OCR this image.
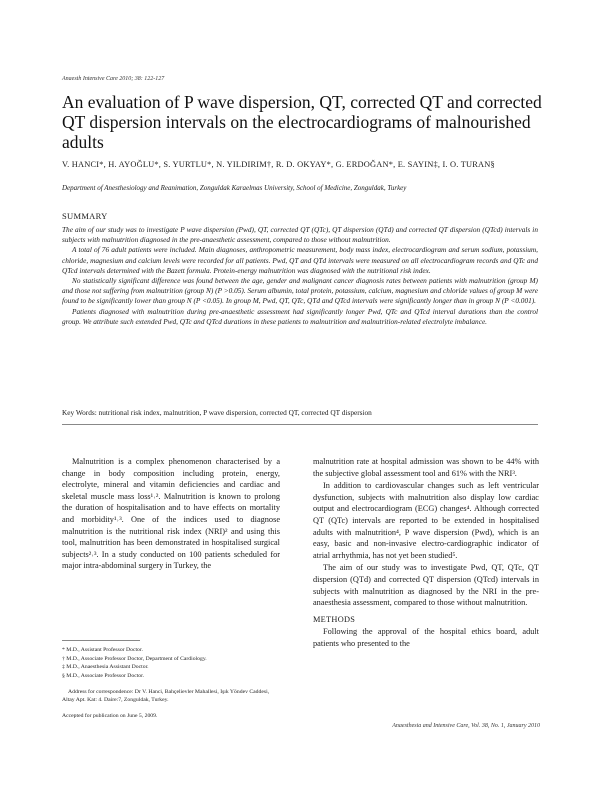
Anaesth Intensive Care 2010; 38: 122-127
An evaluation of P wave dispersion, QT, corrected QT and corrected QT dispersion intervals on the electrocardiograms of malnourished adults
V. HANCI*, H. AYOĞLU*, S. YURTLU*, N. YILDIRIM†, R. D. OKYAY*, G. ERDOĞAN*, E. SAYIN‡, I. O. TURAN§
Department of Anesthesiology and Reanimation, Zonguldak Karaelmas University, School of Medicine, Zonguldak, Turkey
SUMMARY

The aim of our study was to investigate P wave dispersion (Pwd), QT, corrected QT (QTc), QT dispersion (QTd) and corrected QT dispersion (QTcd) intervals in subjects with malnutrition diagnosed in the pre-anaesthetic assessment, compared to those without malnutrition.

A total of 76 adult patients were included. Main diagnoses, anthropometric measurement, body mass index, electrocardiogram and serum sodium, potassium, chloride, magnesium and calcium levels were recorded for all patients. Pwd, QT and QTd intervals were measured on all electrocardiogram records and QTc and QTcd intervals determined with the Bazett formula. Protein-energy malnutrition was diagnosed with the nutritional risk index.

No statistically significant difference was found between the age, gender and malignant cancer diagnosis rates between patients with malnutrition (group M) and those not suffering from malnutrition (group N) (P >0.05). Serum albumin, total protein, potassium, calcium, magnesium and chloride values of group M were found to be significantly lower than group N (P <0.05). In group M, Pwd, QT, QTc, QTd and QTcd intervals were significantly longer than in group N (P <0.001).

Patients diagnosed with malnutrition during pre-anaesthetic assessment had significantly longer Pwd, QTc and QTcd interval durations than the control group. We attribute such extended Pwd, QTc and QTcd durations in these patients to malnutrition and malnutrition-related electrolyte imbalance.

Key Words: nutritional risk index, malnutrition, P wave dispersion, corrected QT, corrected QT dispersion

Malnutrition is a complex phenomenon characterised by a change in body composition including protein, energy, electrolyte, mineral and vitamin deficiencies and cardiac and skeletal muscle mass loss¹˒². Malnutrition is known to prolong the duration of hospitalisation and to have effects on mortality and morbidity¹˒³. One of the indices used to diagnose malnutrition is the nutritional risk index (NRI)² and using this tool, malnutrition has been demonstrated in hospitalised surgical subjects²˒³. In a study conducted on 100 patients scheduled for major intra-abdominal surgery in Turkey, the

malnutrition rate at hospital admission was shown to be 44% with the subjective global assessment tool and 61% with the NRI³.

In addition to cardiovascular changes such as left ventricular dysfunction, subjects with malnutrition also display low cardiac output and electrocardiogram (ECG) changes⁴. Although corrected QT (QTc) intervals are reported to be extended in hospitalised adults with malnutrition⁴, P wave dispersion (Pwd), which is an easy, basic and non-invasive electro-cardiographic indicator of atrial arrhythmia, has not yet been studied⁵.

The aim of our study was to investigate Pwd, QT, QTc, QT dispersion (QTd) and corrected QT dispersion (QTcd) intervals in subjects with malnutrition as diagnosed by the NRI in the pre-anaesthesia assessment, compared to those without malnutrition.

METHODS

Following the approval of the hospital ethics board, adult patients who presented to the

* M.D., Assistant Professor Doctor.
† M.D., Associate Professor Doctor, Department of Cardiology.
‡ M.D., Anaesthesia Assistant Doctor.
§ M.D., Associate Professor Doctor.
Address for correspondence: Dr V. Hanci, Bahçelievler Mahallesi, Işık Yöndev Caddesi, Altay Apt. Kat: 4. Daire:7, Zonguldak, Turkey.
Accepted for publication on June 5, 2009.
Anaesthesia and Intensive Care, Vol. 38, No. 1, January 2010
